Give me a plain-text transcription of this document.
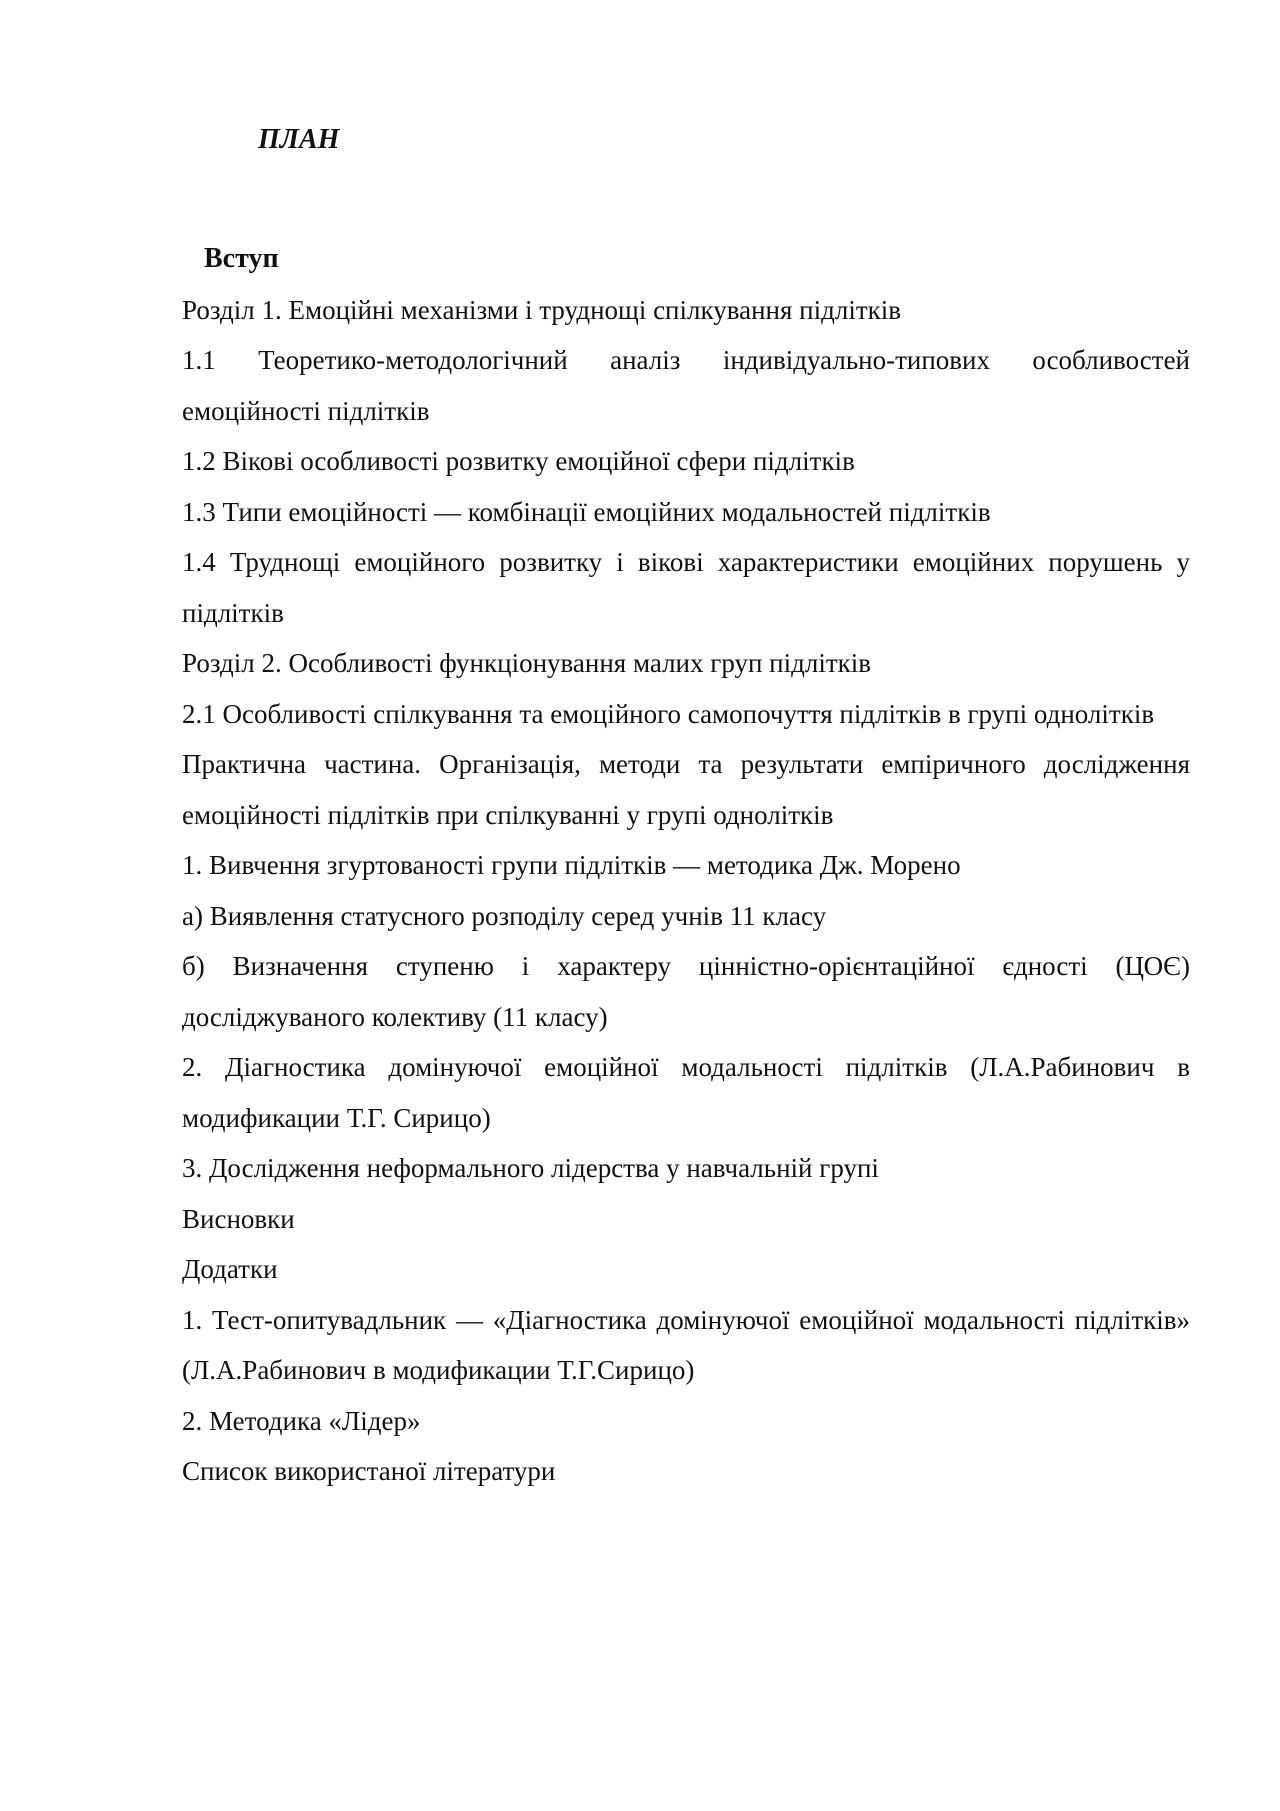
ПЛАН
Вступ
Розділ 1. Емоційні механізми і труднощі спілкування підлітків
1.1 Теоретико-методологічний аналіз індивідуально-типових особливостей емоційності підлітків
1.2 Вікові особливості розвитку емоційної сфери підлітків
1.3 Типи емоційності — комбінації емоційних модальностей підлітків
1.4 Труднощі емоційного розвитку і вікові характеристики емоційних порушень у підлітків
Розділ 2. Особливості функціонування малих груп підлітків
2.1 Особливості спілкування та емоційного самопочуття підлітків в групі однолітків
Практична частина. Організація, методи та результати емпіричного дослідження емоційності підлітків при спілкуванні у групі однолітків
1. Вивчення згуртованості групи підлітків — методика Дж. Морено
а) Виявлення статусного розподілу серед учнів 11 класу
б) Визначення ступеню і характеру ціннiстно-орієнтаційної єдності (ЦОЄ) досліджуваного колективу (11 класу)
2. Діагностика домінуючої емоційної модальності підлітків (Л.А.Рабинович в модификации Т.Г. Сирицо)
3. Дослідження неформального лідерства у навчальній групі
Висновки
Додатки
1. Тест-опитувадльник — «Діагностика домінуючої емоційної модальності підлітків» (Л.А.Рабинович в модификации Т.Г.Сирицо)
2. Методика «Лідер»
Список використаної літератури
